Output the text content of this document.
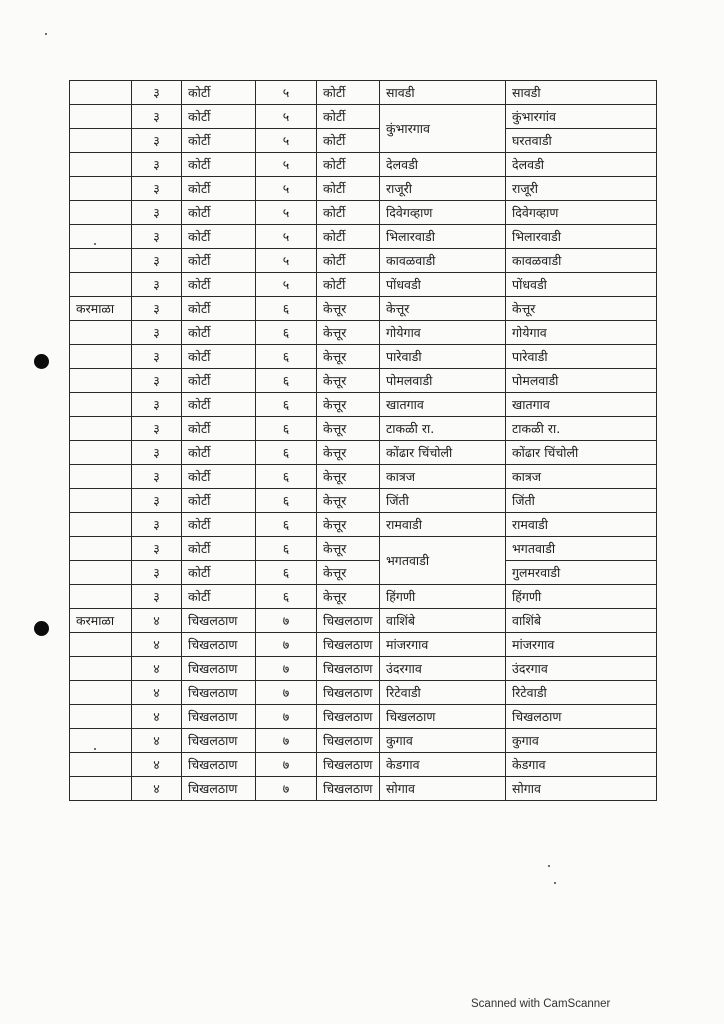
	३	कोर्टी	५	कोर्टी	सावडी	सावडी
	३	कोर्टी	५	कोर्टी	कुंभारगाव	कुंभारगांव
	३	कोर्टी	५	कोर्टी		घरतवाडी
	३	कोर्टी	५	कोर्टी	देलवडी	देलवडी
	३	कोर्टी	५	कोर्टी	राजूरी	राजूरी
	३	कोर्टी	५	कोर्टी	दिवेगव्हाण	दिवेगव्हाण
	३	कोर्टी	५	कोर्टी	भिलारवाडी	भिलारवाडी
	३	कोर्टी	५	कोर्टी	कावळवाडी	कावळवाडी
	३	कोर्टी	५	कोर्टी	पोंधवडी	पोंधवडी
करमाळा	३	कोर्टी	६	केत्तूर	केत्तूर	केत्तूर
	३	कोर्टी	६	केत्तूर	गोयेगाव	गोयेगाव
	३	कोर्टी	६	केत्तूर	पारेवाडी	पारेवाडी
	३	कोर्टी	६	केत्तूर	पोमलवाडी	पोमलवाडी
	३	कोर्टी	६	केत्तूर	खातगाव	खातगाव
	३	कोर्टी	६	केत्तूर	टाकळी रा.	टाकळी रा.
	३	कोर्टी	६	केत्तूर	कोंढार चिंचोली	कोंढार चिंचोली
	३	कोर्टी	६	केत्तूर	कात्रज	कात्रज
	३	कोर्टी	६	केत्तूर	जिंती	जिंती
	३	कोर्टी	६	केत्तूर	रामवाडी	रामवाडी
	३	कोर्टी	६	केत्तूर	भगतवाडी	भगतवाडी
	३	कोर्टी	६	केत्तूर		गुलमरवाडी
	३	कोर्टी	६	केत्तूर	हिंगणी	हिंगणी
करमाळा	४	चिखलठाण	७	चिखलठाण	वाशिंबे	वाशिंबे
	४	चिखलठाण	७	चिखलठाण	मांजरगाव	मांजरगाव
	४	चिखलठाण	७	चिखलठाण	उंदरगाव	उंदरगाव
	४	चिखलठाण	७	चिखलठाण	रिटेवाडी	रिटेवाडी
	४	चिखलठाण	७	चिखलठाण	चिखलठाण	चिखलठाण
	४	चिखलठाण	७	चिखलठाण	कुगाव	कुगाव
	४	चिखलठाण	७	चिखलठाण	केडगाव	केडगाव
	४	चिखलठाण	७	चिखलठाण	सोगाव	सोगाव
Scanned with CamScanner
